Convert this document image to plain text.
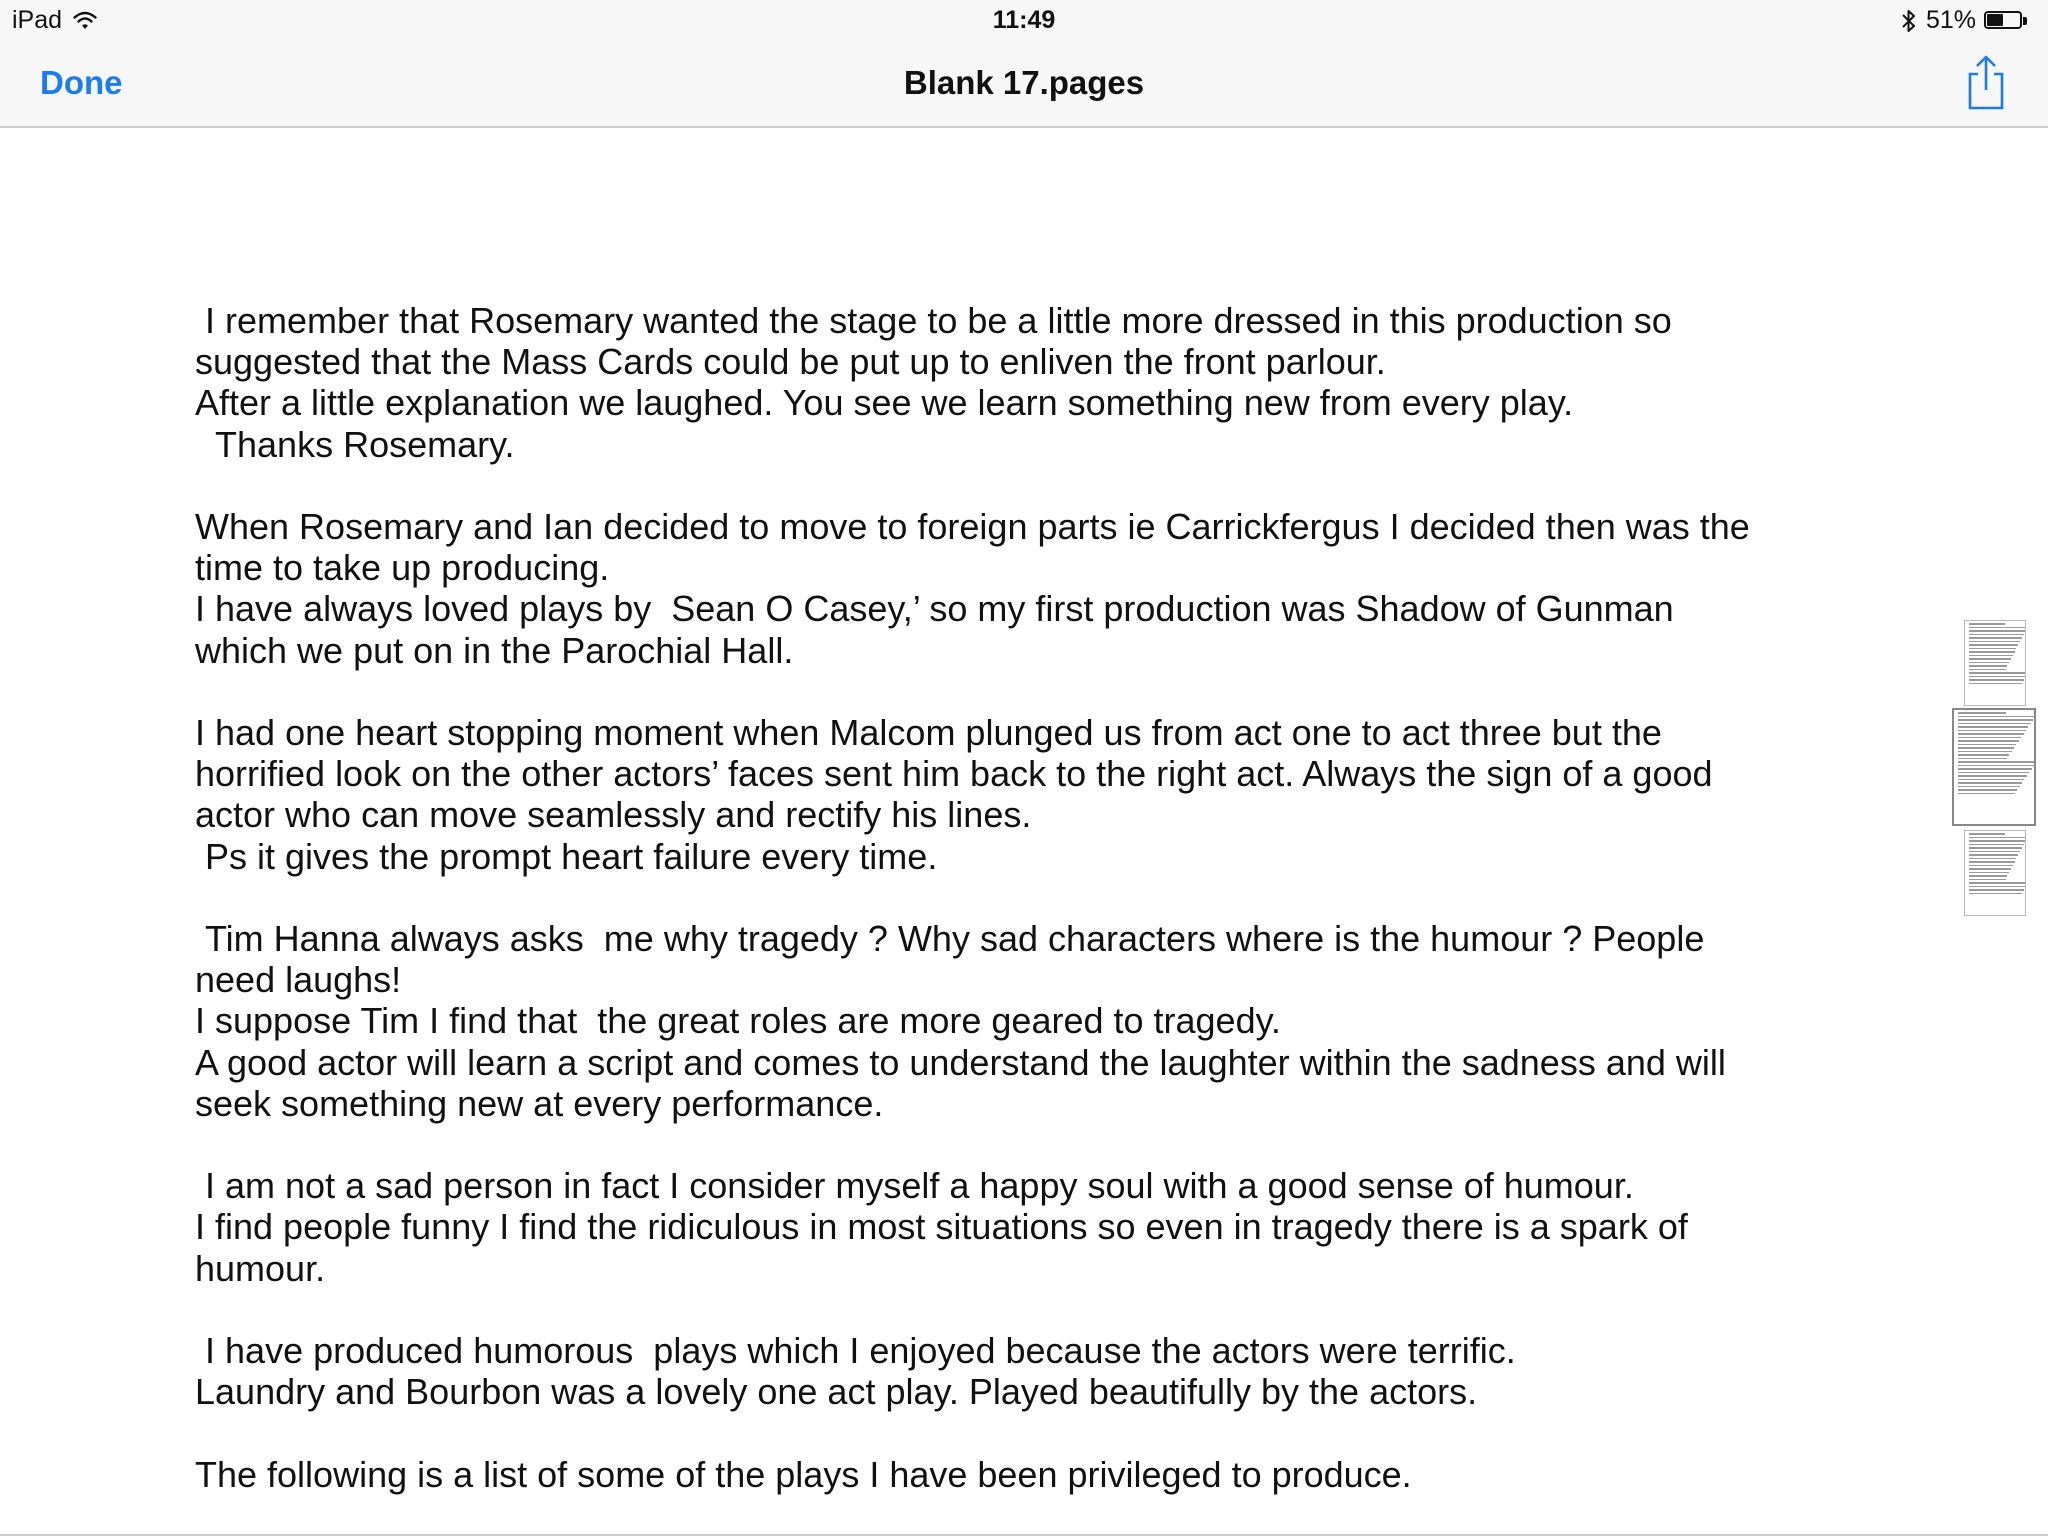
iPad	11:49	51%
Done	Blank 17.pages
I remember that Rosemary wanted the stage to be a little more dressed in this production so
suggested that the Mass Cards could be put up to enliven the front parlour.
After a little explanation we laughed. You see we learn something new from every play.
Thanks Rosemary.
When Rosemary and Ian decided to move to foreign parts ie Carrickfergus I decided then was the
time to take up producing.
I have always loved plays by  Sean O Casey,’ so my first production was Shadow of Gunman
which we put on in the Parochial Hall.
I had one heart stopping moment when Malcom plunged us from act one to act three but the
horrified look on the other actors’ faces sent him back to the right act. Always the sign of a good
actor who can move seamlessly and rectify his lines.
Ps it gives the prompt heart failure every time.
Tim Hanna always asks  me why tragedy ? Why sad characters where is the humour ? People
need laughs!
I suppose Tim I find that  the great roles are more geared to tragedy.
A good actor will learn a script and comes to understand the laughter within the sadness and will
seek something new at every performance.
I am not a sad person in fact I consider myself a happy soul with a good sense of humour.
I find people funny I find the ridiculous in most situations so even in tragedy there is a spark of
humour.
I have produced humorous  plays which I enjoyed because the actors were terrific.
Laundry and Bourbon was a lovely one act play. Played beautifully by the actors.
The following is a list of some of the plays I have been privileged to produce.
